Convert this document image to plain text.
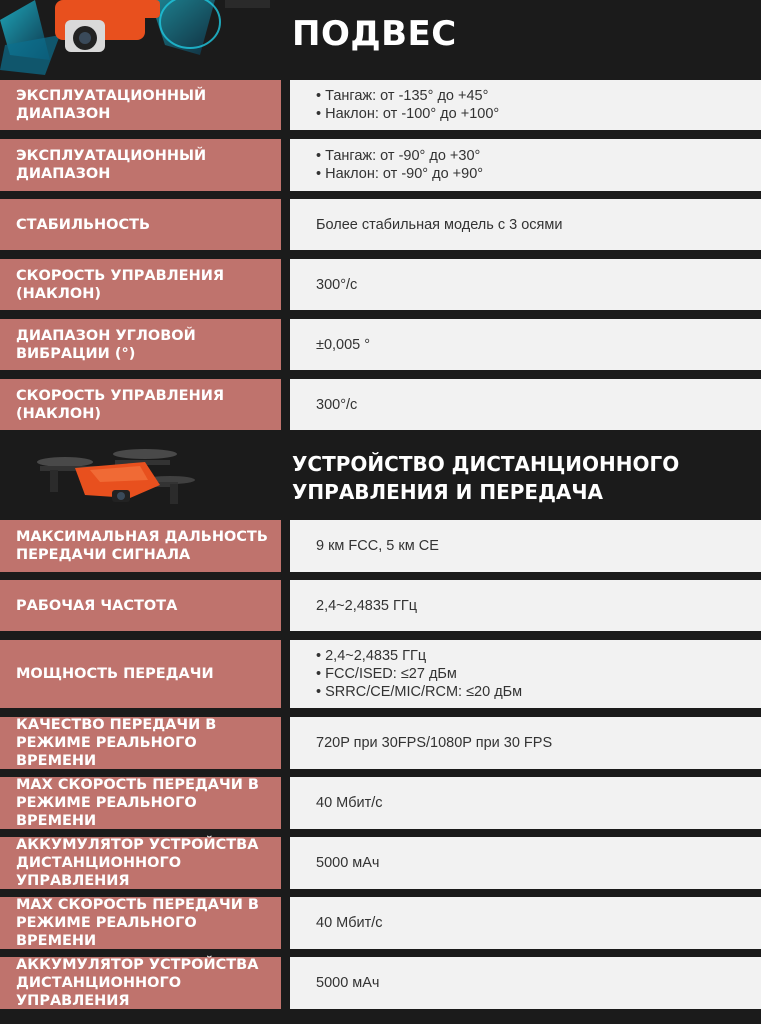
ПОДВЕС
ЭКСПЛУАТАЦИОННЫЙ ДИАПАЗОН
• Тангаж: от -135° до +45°
• Наклон: от -100° до +100°
ЭКСПЛУАТАЦИОННЫЙ ДИАПАЗОН
• Тангаж: от -90° до +30°
• Наклон: от -90° до +90°
СТАБИЛЬНОСТЬ	Более стабильная модель с 3 осями
СКОРОСТЬ УПРАВЛЕНИЯ (НАКЛОН)
300°/с
ДИАПАЗОН УГЛОВОЙ ВИБРАЦИИ (°)
±0,005 °
СКОРОСТЬ УПРАВЛЕНИЯ (НАКЛОН)
300°/с
УСТРОЙСТВО ДИСТАНЦИОННОГО УПРАВЛЕНИЯ И ПЕРЕДАЧА
МАКСИМАЛЬНАЯ ДАЛЬНОСТЬ ПЕРЕДАЧИ СИГНАЛА
9 км FCC, 5 км CE
РАБОЧАЯ ЧАСТОТА	2,4~2,4835 ГГц
МОЩНОСТЬ ПЕРЕДАЧИ
• 2,4~2,4835 ГГц
• FCC/ISED: ≤27 дБм
• SRRC/CE/MIC/RCM: ≤20 дБм
КАЧЕСТВО ПЕРЕДАЧИ В РЕЖИМЕ РЕАЛЬНОГО ВРЕМЕНИ
720P при 30FPS/1080P при 30 FPS
MAX СКОРОСТЬ ПЕРЕДАЧИ В РЕЖИМЕ РЕАЛЬНОГО ВРЕМЕНИ
40 Мбит/с
АККУМУЛЯТОР УСТРОЙСТВА ДИСТАНЦИОННОГО УПРАВЛЕНИЯ
5000 мАч
MAX СКОРОСТЬ ПЕРЕДАЧИ В РЕЖИМЕ РЕАЛЬНОГО ВРЕМЕНИ
40 Мбит/с
АККУМУЛЯТОР УСТРОЙСТВА ДИСТАНЦИОННОГО УПРАВЛЕНИЯ
5000 мАч
